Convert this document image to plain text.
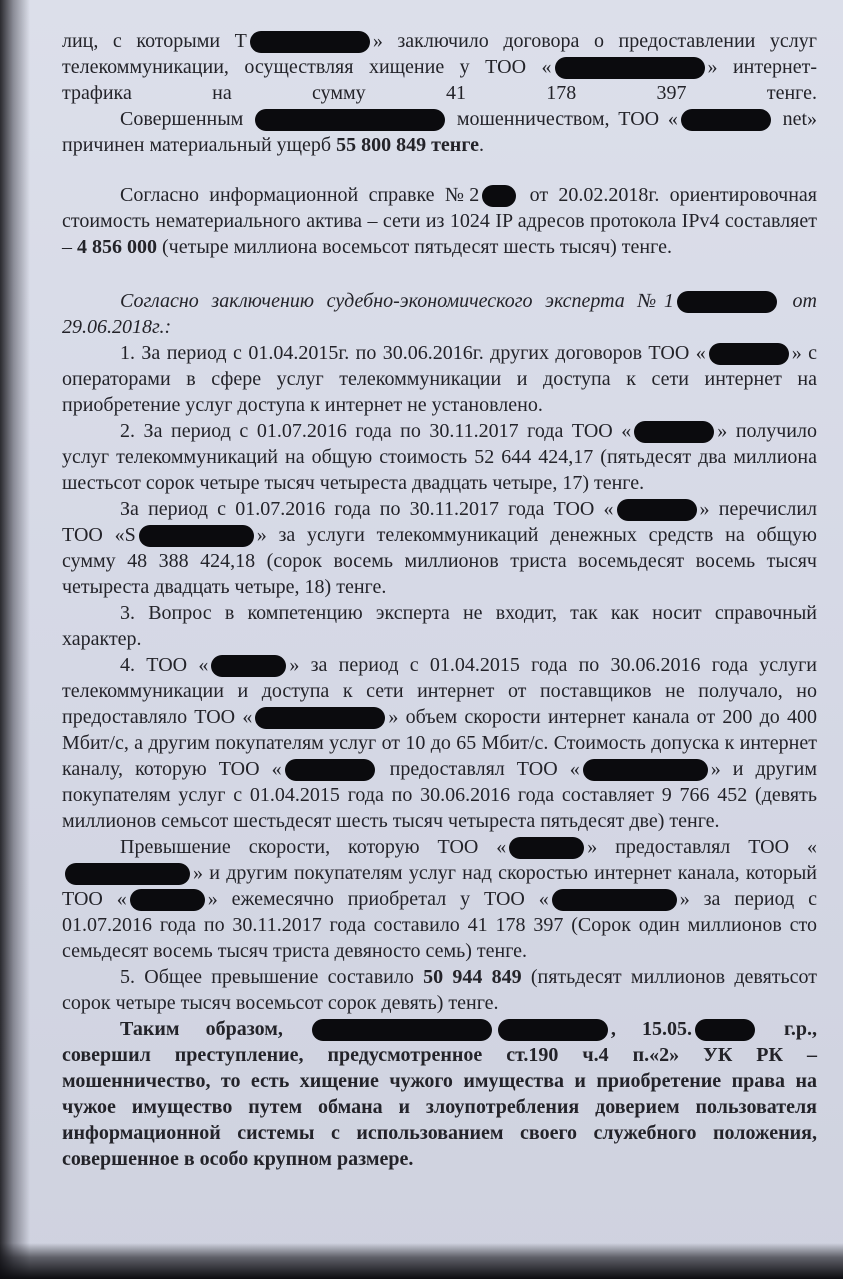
лиц, с которыми Т	» заключило договора о предоставлении услуг телекоммуникации, осуществляя хищение у ТОО «	» интернет-трафика на сумму 41 178 397 тенге.

Совершенным	мошенничеством, ТОО «	net» причинен материальный ущерб 55 800 849 тенге.

Согласно информационной справке №2 от 20.02.2018г. ориентировочная стоимость нематериального актива – сети из 1024 IP адресов протокола IPv4 составляет – 4 856 000 (четыре миллиона восемьсот пятьдесят шесть тысяч) тенге.

Согласно заключению судебно-экономического эксперта №1	от 29.06.2018г.:

1. За период с 01.04.2015г. по 30.06.2016г. других договоров ТОО «	» с операторами в сфере услуг телекоммуникации и доступа к сети интернет на приобретение услуг доступа к интернет не установлено.

2. За период с 01.07.2016 года по 30.11.2017 года ТОО «	» получило услуг телекоммуникаций на общую стоимость 52 644 424,17 (пятьдесят два миллиона шестьсот сорок четыре тысяч четыреста двадцать четыре, 17) тенге.

За период с 01.07.2016 года по 30.11.2017 года ТОО «	» перечислил ТОО «S	» за услуги телекоммуникаций денежных средств на общую сумму 48 388 424,18 (сорок восемь миллионов триста восемьдесят восемь тысяч четыреста двадцать четыре, 18) тенге.

3. Вопрос в компетенцию эксперта не входит, так как носит справочный характер.

4. ТОО «	» за период с 01.04.2015 года по 30.06.2016 года услуги телекоммуникации и доступа к сети интернет от поставщиков не получало, но предоставляло ТОО «	» объем скорости интернет канала от 200 до 400 Мбит/с, а другим покупателям услуг от 10 до 65 Мбит/с. Стоимость допуска к интернет каналу, которую ТОО «	предоставлял ТОО «	» и другим покупателям услуг с 01.04.2015 года по 30.06.2016 года составляет 9 766 452 (девять миллионов семьсот шестьдесят шесть тысяч четыреста пятьдесят две) тенге.

Превышение скорости, которую ТОО «	» предоставлял ТОО «» и другим покупателям услуг над скоростью интернет канала, который ТОО «	» ежемесячно приобретал у ТОО «	» за период с 01.07.2016 года по 30.11.2017 года составило 41 178 397 (Сорок один миллионов сто семьдесят восемь тысяч триста девяносто семь) тенге.

5. Общее превышение составило 50 944 849 (пятьдесят миллионов девятьсот сорок четыре тысяч восемьсот сорок девять) тенге.

Таким образом,	, 15.05.	г.р., совершил преступление, предусмотренное ст.190 ч.4 п.«2» УК РК – мошенничество, то есть хищение чужого имущества и приобретение права на чужое имущество путем обмана и злоупотребления доверием пользователя информационной системы с использованием своего служебного положения, совершенное в особо крупном размере.
